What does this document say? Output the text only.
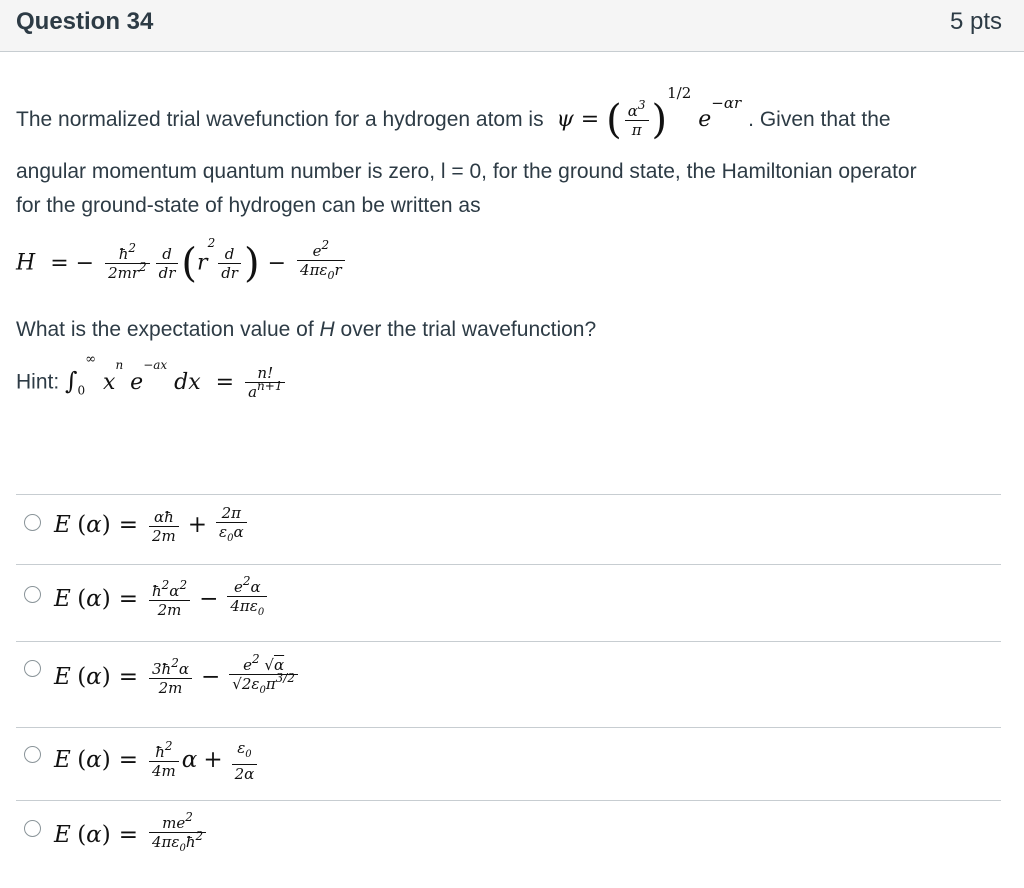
Question 34	5 pts
The normalized trial wavefunction for a hydrogen atom is  ψ = ( $\frac{\alpha^3}{\pi} )^{1/2}$ $e^{-\alpha r}$ . Given that the
angular momentum quantum number is zero, l = 0, for the ground state, the Hamiltonian operator
for the ground-state of hydrogen can be written as
H = − $\frac{ħ^2}{2mr^2} \frac{d}{dr} (r^2$
$\frac{d}{dr}$ ) − $\frac{e^2}{4\pi\varepsilon_0r}$
What is the expectation value of H over the trial wavefunction?
Hint: $\int_0^\infty$ $x^n$ $e^{-ax}$ dx = $\frac{n!}{a^{n+1}}$
E $(\alpha) = \frac{\alpha ħ}{2m} + \frac{2\pi}{\varepsilon_0\alpha}$
E $(\alpha) = \frac{ħ^2\alpha^2}{2m} - \frac{e^2\alpha}{4\pi\varepsilon_0}$
E $(\alpha) = \frac{3ħ^2\alpha}{2m} - \frac{e^2 √\alpha}{√2\varepsilon_0\pi^{3/2}}$
E $(\alpha) = \frac{ħ^2}{4m}$ $\alpha + \frac{\varepsilon_0}{2\alpha}$
E $(\alpha) = \frac{me^2}{4\pi\varepsilon_0ħ^2}$
